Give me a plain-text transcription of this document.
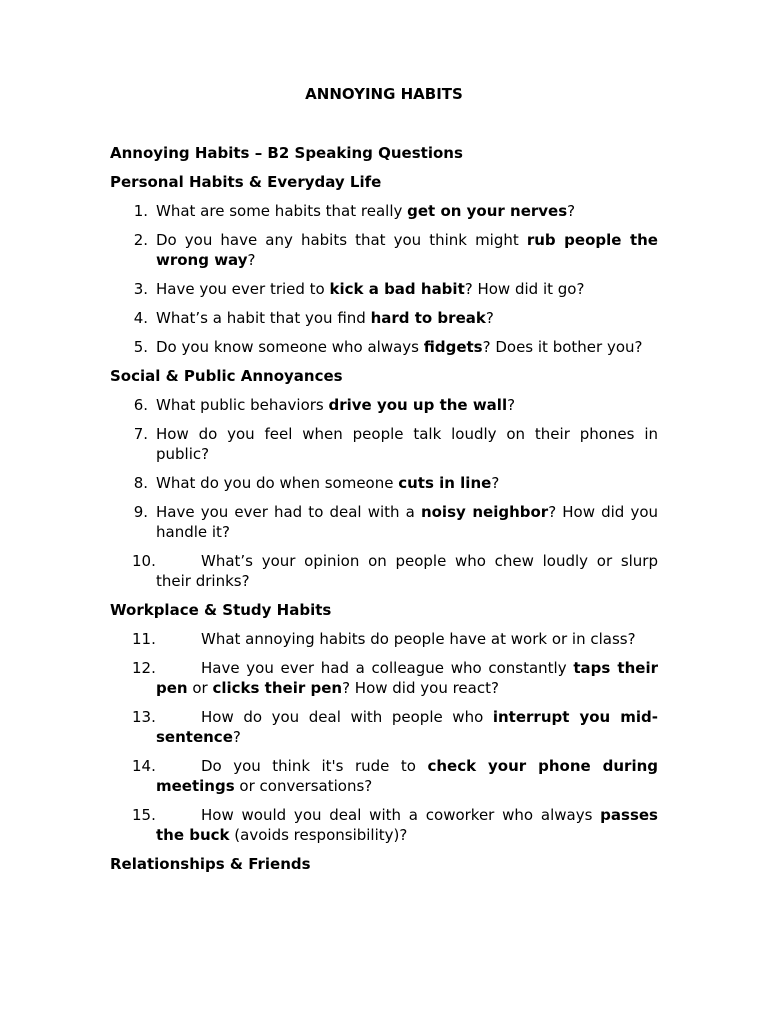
ANNOYING HABITS

Annoying Habits – B2 Speaking Questions

Personal Habits & Everyday Life

1. What are some habits that really get on your nerves?
2. Do you have any habits that you think might rub people the wrong way?
3. Have you ever tried to kick a bad habit? How did it go?
4. What’s a habit that you find hard to break?
5. Do you know someone who always fidgets? Does it bother you?

Social & Public Annoyances

6. What public behaviors drive you up the wall?
7. How do you feel when people talk loudly on their phones in public?
8. What do you do when someone cuts in line?
9. Have you ever had to deal with a noisy neighbor? How did you handle it?
10.	What’s your opinion on people who chew loudly or slurp their drinks?

Workplace & Study Habits

11.	What annoying habits do people have at work or in class?
12.	Have you ever had a colleague who constantly taps their pen or clicks their pen? How did you react?
13.	How do you deal with people who interrupt you mid-sentence?
14.	Do you think it's rude to check your phone during meetings or conversations?
15.	How would you deal with a coworker who always passes the buck (avoids responsibility)?

Relationships & Friends
